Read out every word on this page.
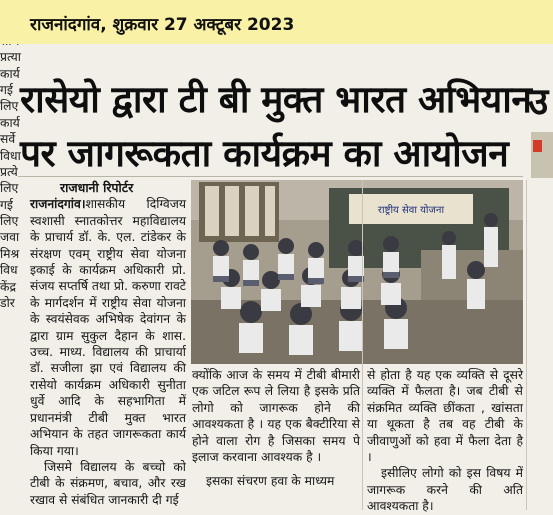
राजनांदगांव, शुक्रवार 27 अक्टूबर 2023
रासेयो द्वारा टी बी मुक्त भारत अभियान
पर जागरूकता कार्यक्रम का आयोजन
उ

राजधानी रिपोर्टर

राजनांदगांव।शासकीय दिग्विजय स्वशासी स्नातकोत्तर महाविद्यालय के प्राचार्य डॉ. के. एल. टांडेकर के संरक्षण एवम् राष्ट्रीय सेवा योजना इकाई के कार्यक्रम अधिकारी प्रो. संजय सप्तर्षि तथा प्रो. करुणा रावटे के मार्गदर्शन में राष्ट्रीय सेवा योजना के स्वयंसेवक अभिषेक देवांगन के द्वारा ग्राम सुकुल दैहान के शास. उच्च. माध्य. विद्यालय की प्राचार्या डॉ. सजीला झा एवं विद्यालय की रासेयो कार्यक्रम अधिकारी सुनीता धुर्वे आदि के सहभागिता में प्रधानमंत्री टीबी मुक्त भारत अभियान के तहत जागरूकता कार्य किया गया।

जिसमे विद्यालय के बच्चो को टीबी के संक्रमण, बचाव, और रख रखाव से संबंधित जानकारी दी गई

राष्ट्रीय सेवा योजना

क्योंकि आज के समय में टीबी बीमारी एक जटिल रूप ले लिया है इसके प्रति लोगो को जागरूक होने की आवश्यकता है । यह एक बैक्टीरिया से होने वाला रोग है जिसका समय पे इलाज करवाना आवश्यक है ।

इसका संचरण हवा के माध्यम

से होता है यह एक व्यक्ति से दूसरे व्यक्ति में फैलता है। जब टीबी से संक्रमित व्यक्ति छींकता , खांसता या थूकता है तब वह टीबी के जीवाणुओं को हवा में फैला देता है ।

इसीलिए लोगो को इस विषय में जागरूक करने की अति आवश्यकता है।

प्रत्या
कार्य
गई
लिए
कार्य
सर्वे
विधा
प्रत्ये
लिए
गई
लिए
जवा
मिश्र
विध
केंद्र
डोर
